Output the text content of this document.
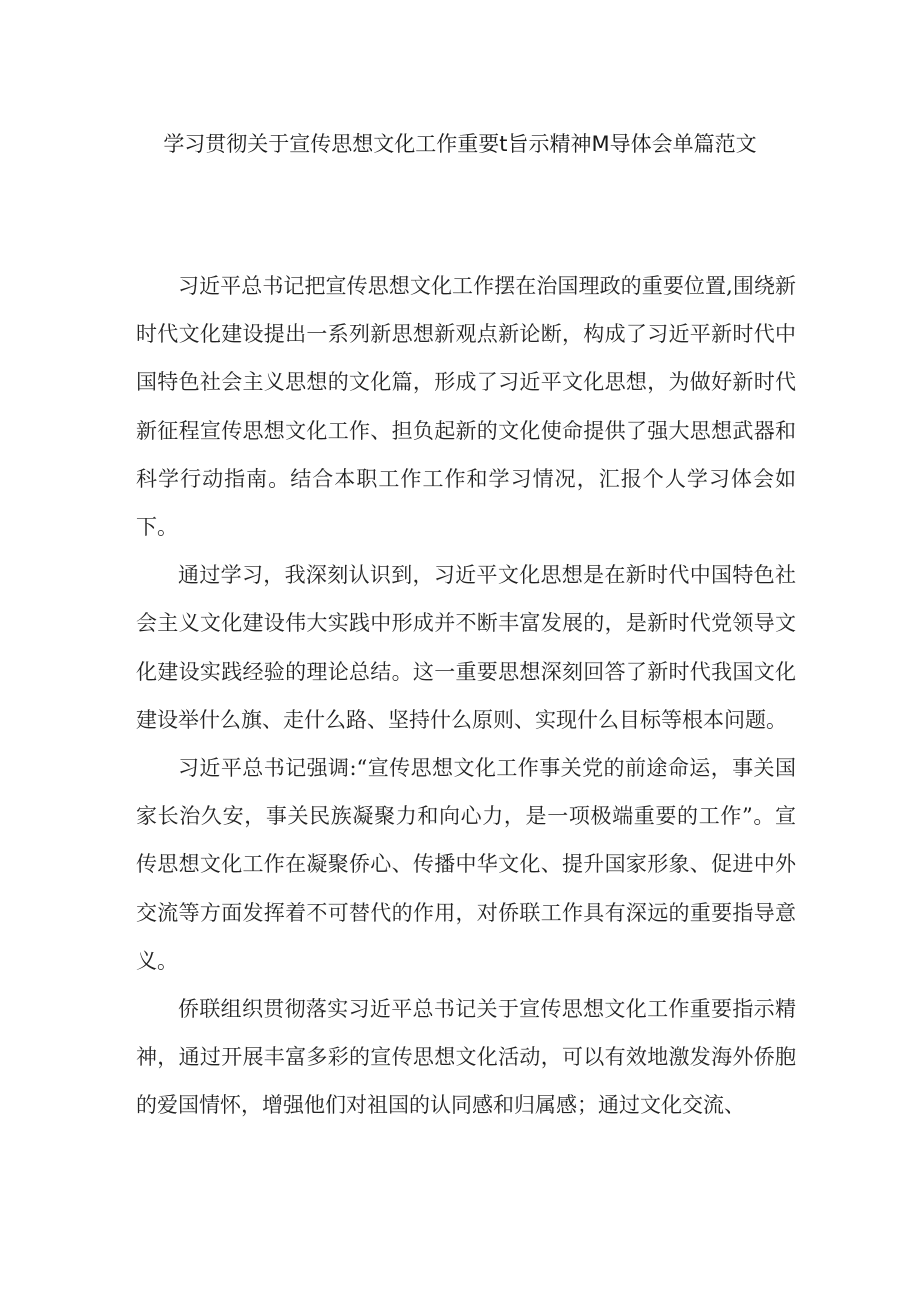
学习贯彻关于宣传思想文化工作重要t旨示精神M导体会单篇范文

习近平总书记把宣传思想文化工作摆在治国理政的重要位置,围绕新时代文化建设提出一系列新思想新观点新论断，构成了习近平新时代中国特色社会主义思想的文化篇，形成了习近平文化思想，为做好新时代新征程宣传思想文化工作、担负起新的文化使命提供了强大思想武器和科学行动指南。结合本职工作工作和学习情况，汇报个人学习体会如下。

通过学习，我深刻认识到，习近平文化思想是在新时代中国特色社会主义文化建设伟大实践中形成并不断丰富发展的，是新时代党领导文化建设实践经验的理论总结。这一重要思想深刻回答了新时代我国文化建设举什么旗、走什么路、坚持什么原则、实现什么目标等根本问题。

习近平总书记强调:“宣传思想文化工作事关党的前途命运，事关国家长治久安，事关民族凝聚力和向心力，是一项极端重要的工作”。宣传思想文化工作在凝聚侨心、传播中华文化、提升国家形象、促进中外交流等方面发挥着不可替代的作用，对侨联工作具有深远的重要指导意义。

侨联组织贯彻落实习近平总书记关于宣传思想文化工作重要指示精神，通过开展丰富多彩的宣传思想文化活动，可以有效地激发海外侨胞的爱国情怀，增强他们对祖国的认同感和归属感；通过文化交流、
